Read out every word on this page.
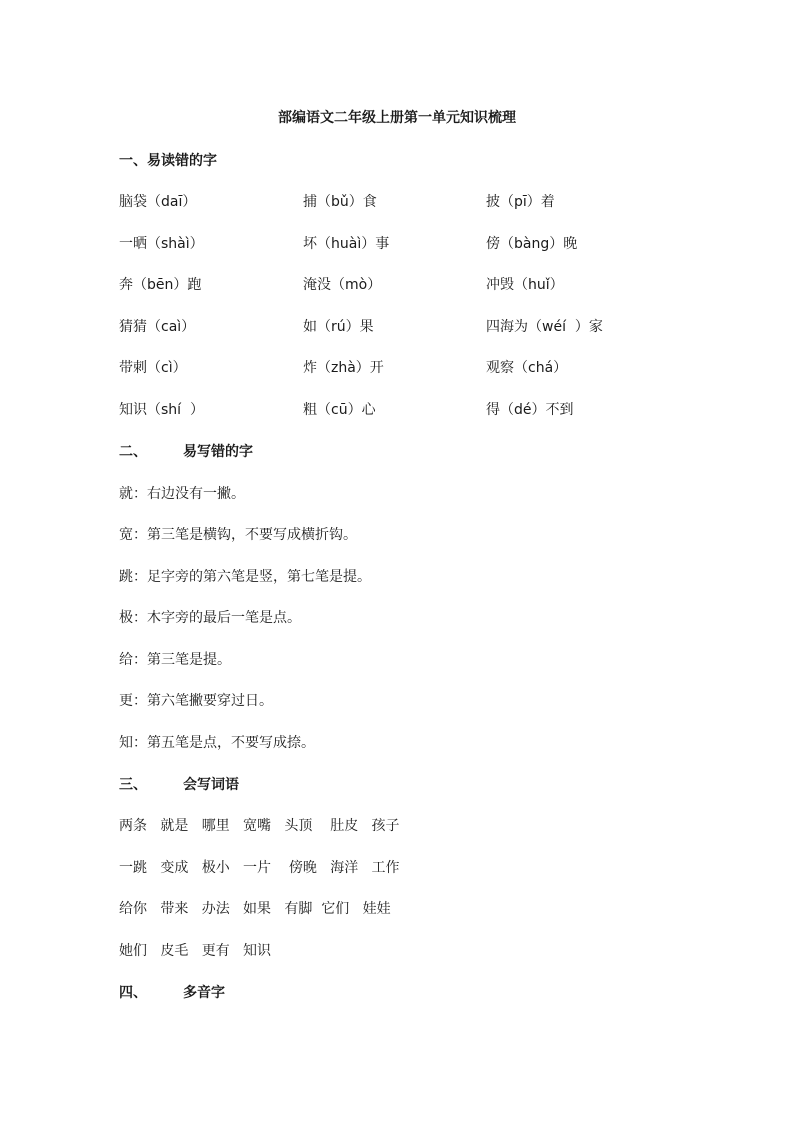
部编语文二年级上册第一单元知识梳理
一、易读错的字
脑袋（daī）	捕（bǔ）食	披（pī）着
一晒（shàì）	坏（huàì）事	傍（bàng）晚
奔（bēn）跑	淹没（mò）	冲毁（huǐ）
猜猜（caì）	如（rú）果	四海为（wéí  ）家
带刺（cì）	炸（zhà）开	观察（chá）
知识（shí  ）	粗（cū）心	得（dé）不到
二、	易写错的字
就：右边没有一撇。
宽：第三笔是横钩，不要写成横折钩。
跳：足字旁的第六笔是竖，第七笔是提。
极：木字旁的最后一笔是点。
给：第三笔是提。
更：第六笔撇要穿过日。
知：第五笔是点，不要写成捺。
三、	会写词语
两条   就是   哪里   宽嘴   头顶    肚皮   孩子
一跳   变成   极小   一片    傍晚   海洋   工作
给你   带来   办法   如果   有脚  它们   娃娃
她们   皮毛   更有   知识
四、	多音字
